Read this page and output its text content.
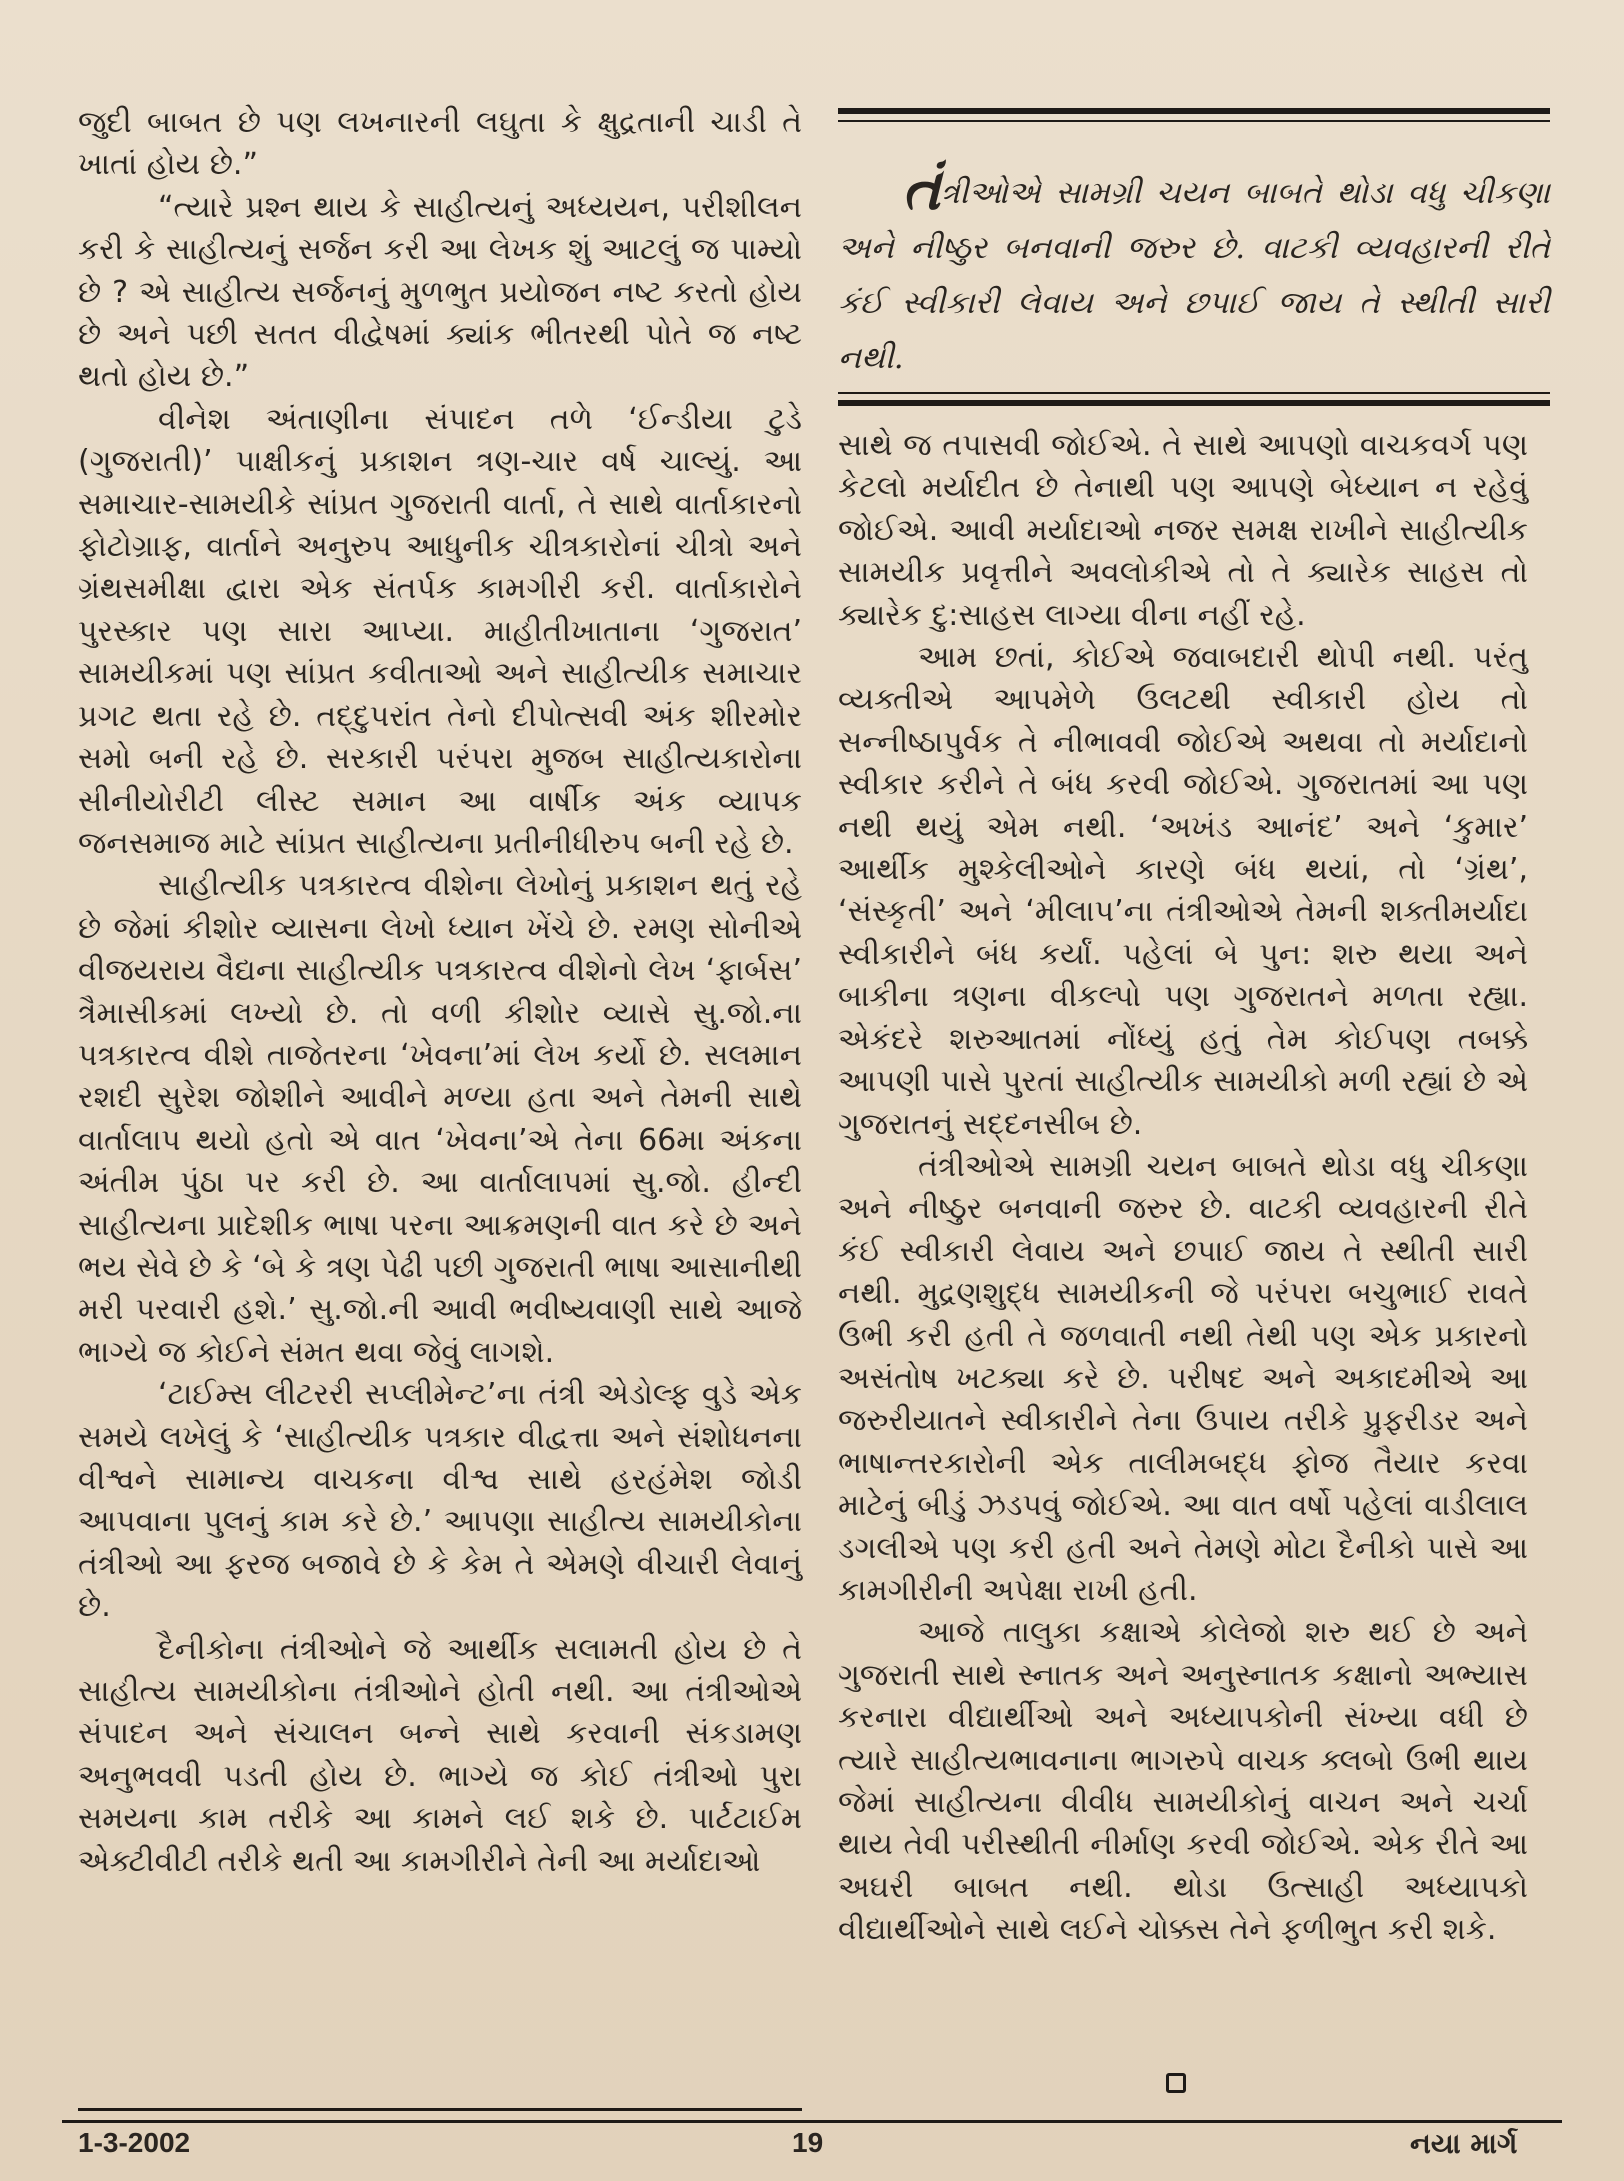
જુદી બાબત છે પણ લખનારની લઘુતા કે ક્ષુદ્રતાની ચાડી તે ખાતાં હોય છે.”

“ત્યારે પ્રશ્ન થાય કે સાહીત્યનું અધ્યયન, પરીશીલન કરી કે સાહીત્યનું સર્જન કરી આ લેખક શું આટલું જ પામ્યો છે ? એ સાહીત્ય સર્જનનું મુળભુત પ્રયોજન નષ્ટ કરતો હોય છે અને પછી સતત વીદ્વેષમાં ક્યાંક ભીતરથી પોતે જ નષ્ટ થતો હોય છે.”

વીનેશ અંતાણીના સંપાદન તળે ‘ઈન્ડીયા ટુડે (ગુજરાતી)’ પાક્ષીકનું પ્રકાશન ત્રણ-ચાર વર્ષ ચાલ્યું. આ સમાચાર-સામયીકે સાંપ્રત ગુજરાતી વાર્તા, તે સાથે વાર્તાકારનો ફોટોગ્રાફ, વાર્તાને અનુરુપ આધુનીક ચીત્રકારોનાં ચીત્રો અને ગ્રંથસમીક્ષા દ્વારા એક સંતર્પક કામગીરી કરી. વાર્તાકારોને પુરસ્કાર પણ સારા આપ્યા. માહીતીખાતાના ‘ગુજરાત’ સામયીકમાં પણ સાંપ્રત કવીતાઓ અને સાહીત્યીક સમાચાર પ્રગટ થતા રહે છે. તદ્દુપરાંત તેનો દીપોત્સવી અંક શીરમોર સમો બની રહે છે. સરકારી પરંપરા મુજબ સાહીત્યકારોના સીનીયોરીટી લીસ્ટ સમાન આ વાર્ષીક અંક વ્યાપક જનસમાજ માટે સાંપ્રત સાહીત્યના પ્રતીનીધીરુપ બની રહે છે.

સાહીત્યીક પત્રકારત્વ વીશેના લેખોનું પ્રકાશન થતું રહે છે જેમાં કીશોર વ્યાસના લેખો ધ્યાન ખેંચે છે. રમણ સોનીએ વીજયરાય વૈદ્યના સાહીત્યીક પત્રકારત્વ વીશેનો લેખ ‘ફાર્બસ’ ત્રૈમાસીકમાં લખ્યો છે. તો વળી કીશોર વ્યાસે સુ.જો.ના પત્રકારત્વ વીશે તાજેતરના ‘ખેવના’માં લેખ કર્યો છે. સલમાન રશદી સુરેશ જોશીને આવીને મળ્યા હતા અને તેમની સાથે વાર્તાલાપ થયો હતો એ વાત ‘ખેવના’એ તેના 66મા અંકના અંતીમ પુંઠા પર કરી છે. આ વાર્તાલાપમાં સુ.જો. હીન્દી સાહીત્યના પ્રાદેશીક ભાષા પરના આક્રમણની વાત કરે છે અને ભય સેવે છે કે ‘બે કે ત્રણ પેઢી પછી ગુજરાતી ભાષા આસાનીથી મરી પરવારી હશે.’ સુ.જો.ની આવી ભવીષ્યવાણી સાથે આજે ભાગ્યે જ કોઈને સંમત થવા જેવું લાગશે.

‘ટાઈમ્સ લીટરરી સપ્લીમેન્ટ’ના તંત્રી એડોલ્ફ વુડે એક સમયે લખેલું કે ‘સાહીત્યીક પત્રકાર વીદ્વત્તા અને સંશોધનના વીશ્વને સામાન્ય વાચકના વીશ્વ સાથે હરહંમેશ જોડી આપવાના પુલનું કામ કરે છે.’ આપણા સાહીત્ય સામયીકોના તંત્રીઓ આ ફરજ બજાવે છે કે કેમ તે એમણે વીચારી લેવાનું છે.

દૈનીકોના તંત્રીઓને જે આર્થીક સલામતી હોય છે તે સાહીત્ય સામયીકોના તંત્રીઓને હોતી નથી. આ તંત્રીઓએ સંપાદન અને સંચાલન બન્ને સાથે કરવાની સંકડામણ અનુભવવી પડતી હોય છે. ભાગ્યે જ કોઈ તંત્રીઓ પુરા સમયના કામ તરીકે આ કામને લઈ શકે છે. પાર્ટટાઈમ એક્ટીવીટી તરીકે થતી આ કામગીરીને તેની આ મર્યાદાઓ

તંત્રીઓએ સામગ્રી ચયન બાબતે થોડા વધુ ચીકણા અને નીષ્ઠુર બનવાની જરુર છે. વાટકી વ્યવહારની રીતે કંઈ સ્વીકારી લેવાય અને છપાઈ જાય તે સ્થીતી સારી નથી.

સાથે જ તપાસવી જોઈએ. તે સાથે આપણો વાચકવર્ગ પણ કેટલો મર્યાદીત છે તેનાથી પણ આપણે બેધ્યાન ન રહેવું જોઈએ. આવી મર્યાદાઓ નજર સમક્ષ રાખીને સાહીત્યીક સામયીક પ્રવૃત્તીને અવલોકીએ તો તે ક્યારેક સાહસ તો ક્યારેક દુ:સાહસ લાગ્યા વીના નહીં રહે.

આમ છતાં, કોઈએ જવાબદારી થોપી નથી. પરંતુ વ્યક્તીએ આપમેળે ઉલટથી સ્વીકારી હોય તો સન્નીષ્ઠાપુર્વક તે નીભાવવી જોઈએ અથવા તો મર્યાદાનો સ્વીકાર કરીને તે બંધ કરવી જોઈએ. ગુજરાતમાં આ પણ નથી થયું એમ નથી. ‘અખંડ આનંદ’ અને ‘કુમાર’ આર્થીક મુશ્કેલીઓને કારણે બંધ થયાં, તો ‘ગ્રંથ’, ‘સંસ્કૃતી’ અને ‘મીલાપ’ના તંત્રીઓએ તેમની શક્તીમર્યાદા સ્વીકારીને બંધ કર્યાં. પહેલાં બે પુન: શરુ થયા અને બાકીના ત્રણના વીકલ્પો પણ ગુજરાતને મળતા રહ્યા. એકંદરે શરુઆતમાં નોંધ્યું હતું તેમ કોઈપણ તબક્કે આપણી પાસે પુરતાં સાહીત્યીક સામયીકો મળી રહ્યાં છે એ ગુજરાતનું સદ્દનસીબ છે.

તંત્રીઓએ સામગ્રી ચયન બાબતે થોડા વધુ ચીકણા અને નીષ્ઠુર બનવાની જરુર છે. વાટકી વ્યવહારની રીતે કંઈ સ્વીકારી લેવાય અને છપાઈ જાય તે સ્થીતી સારી નથી. મુદ્રણશુદ્ધ સામયીકની જે પરંપરા બચુભાઈ રાવતે ઉભી કરી હતી તે જળવાતી નથી તેથી પણ એક પ્રકારનો અસંતોષ ખટક્યા કરે છે. પરીષદ અને અકાદમીએ આ જરુરીયાતને સ્વીકારીને તેના ઉપાય તરીકે પ્રુફરીડર અને ભાષાન્તરકારોની એક તાલીમબદ્ધ ફોજ તૈયાર કરવા માટેનું બીડું ઝડપવું જોઈએ. આ વાત વર્ષો પહેલાં વાડીલાલ ડગલીએ પણ કરી હતી અને તેમણે મોટા દૈનીકો પાસે આ કામગીરીની અપેક્ષા રાખી હતી.

આજે તાલુકા કક્ષાએ કોલેજો શરુ થઈ છે અને ગુજરાતી સાથે સ્નાતક અને અનુસ્નાતક કક્ષાનો અભ્યાસ કરનારા વીદ્યાર્થીઓ અને અધ્યાપકોની સંખ્યા વધી છે ત્યારે સાહીત્યભાવનાના ભાગરુપે વાચક ક્લબો ઉભી થાય જેમાં સાહીત્યના વીવીધ સામયીકોનું વાચન અને ચર્ચા થાય તેવી પરીસ્થીતી નીર્માણ કરવી જોઈએ. એક રીતે આ અઘરી બાબત નથી. થોડા ઉત્સાહી અધ્યાપકો વીદ્યાર્થીઓને સાથે લઈને ચોક્કસ તેને ફળીભુત કરી શકે.

1-3-2002	19	નયા માર્ગ
